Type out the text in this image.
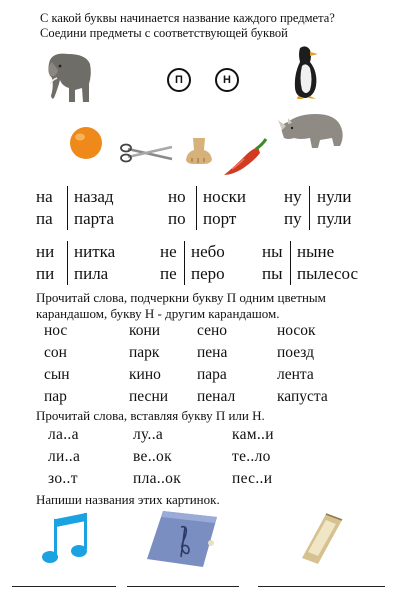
С какой буквы начинается название каждого предмета?
Соедини предметы с соответствующей буквой
П	Н
на назад	но носки ну нули
па парта	по порт	пу пули
ни нитка	не небо ны ныне
пи пила	пе перо пы пылесос
Прочитай слова, подчеркни букву П одним цветным
карандашом, букву Н - другим карандашом.
нос	кони сено	носок
сон	парк пена	поезд
сын	кино пара	лента
пар	песни пенал	капуста
Прочитай слова, вставляя букву П или Н.
ла..а	лу..а	кам..и
ли..а	ве..ок	те..ло
зо..т	пла..ок	пес..и
Напиши названия этих картинок.
